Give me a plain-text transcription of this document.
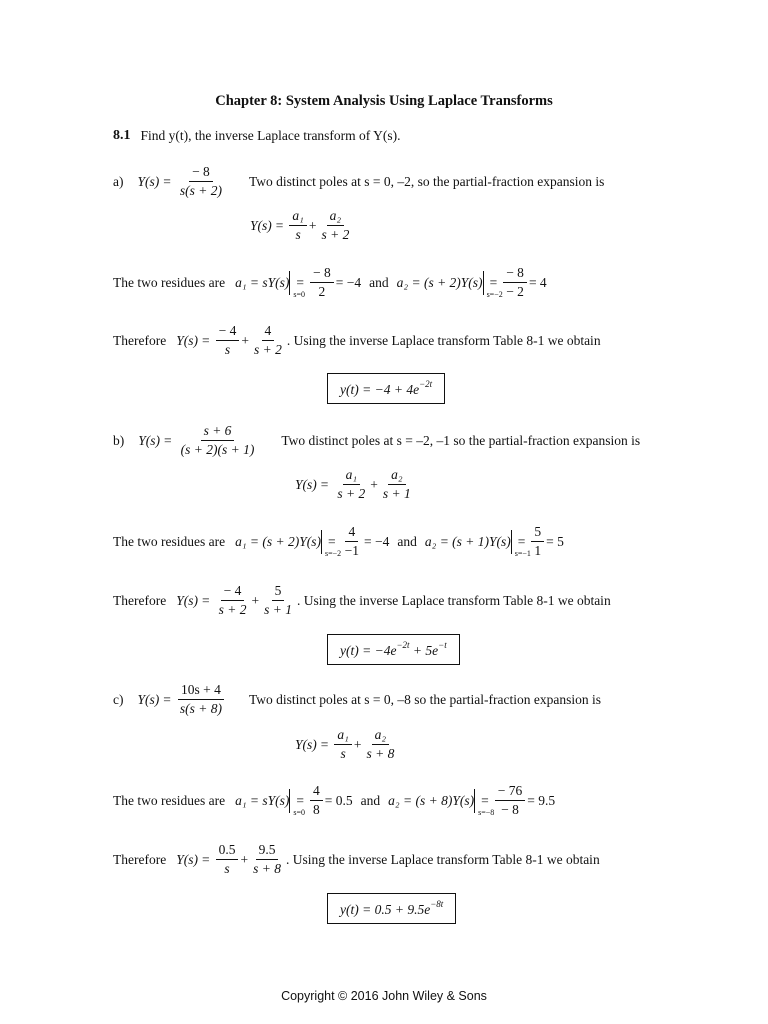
Chapter 8: System Analysis Using Laplace Transforms
8.1 Find y(t), the inverse Laplace transform of Y(s).
a) $Y(s) = \frac{- 8}{s(s + 2)}$ Two distinct poles at s = 0, –2, so the partial-fraction expansion is
$Y(s) = \frac{\text{a₁}}{s} + \frac{\text{a₂}}{s + 2}$
The two residues are a₁ = sY(s)
s=0
= $\frac{- 8}{2} = -4$ and a₂ = (s + 2)Y(s)
s=−2
= $\frac{- 8}{- 2} = 4$
Therefore $Y(s) = \frac{- 4}{s} + \frac{4}{s + 2}$ . Using the inverse Laplace transform Table 8-1 we obtain
$y(t) = -4 + 4e^{-2t}$
b) $Y(s) = \frac{s + 6}{(s + 2)(s + 1)}$ Two distinct poles at s = –2, –1 so the partial-fraction expansion is
$Y(s) = \frac{\text{a₁}}{s + 2} + \frac{\text{a₂}}{s + 1}$
The two residues are a₁ = (s + 2)Y(s)
s=−2
= $\frac{4}{-1} = -4$ and a₂ = (s + 1)Y(s)
s=−1
= $\frac{5}{1} = 5$
Therefore $Y(s) = \frac{- 4}{s + 2} + \frac{5}{s + 1}$ . Using the inverse Laplace transform Table 8-1 we obtain
$y(t) = -4e^{-2t} + 5e^{-t}$
c) $Y(s) = \frac{10s + 4}{s(s + 8)}$ Two distinct poles at s = 0, –8 so the partial-fraction expansion is
$Y(s) = \frac{\text{a₁}}{s} + \frac{\text{a₂}}{s + 8}$
The two residues are a₁ = sY(s)
s=0
= $\frac{4}{8} = 0.5$ and a₂ = (s + 8)Y(s)
s=−8
= $\frac{- 76}{- 8} = 9.5$
Therefore $Y(s) = \frac{0.5}{s} + \frac{9.5}{s + 8}$ . Using the inverse Laplace transform Table 8-1 we obtain
$y(t) = 0.5 + 9.5e^{-8t}$
Copyright © 2016 John Wiley & Sons
